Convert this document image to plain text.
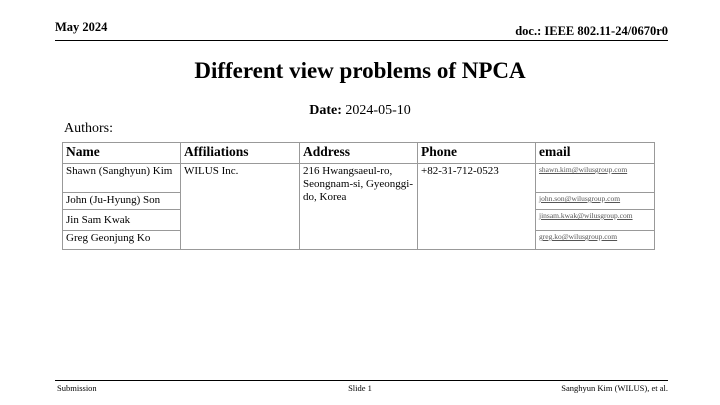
May 2024	doc.: IEEE 802.11-24/0670r0
Different view problems of NPCA
Date: 2024-05-10
Authors:
Name	Affiliations	Address	Phone	email
Shawn (Sanghyun) Kim	WILUS Inc.	216 Hwangsaeul-ro, Seongnam-si, Gyeonggi-do, Korea	+82-31-712-0523	shawn.kim@wilusgroup.com
John (Ju-Hyung) Son				john.son@wilusgroup.com
Jin Sam Kwak				jinsam.kwak@wilusgroup.com
Greg Geonjung Ko				greg.ko@wilusgroup.com
Submission	Slide 1	Sanghyun Kim (WILUS), et al.
